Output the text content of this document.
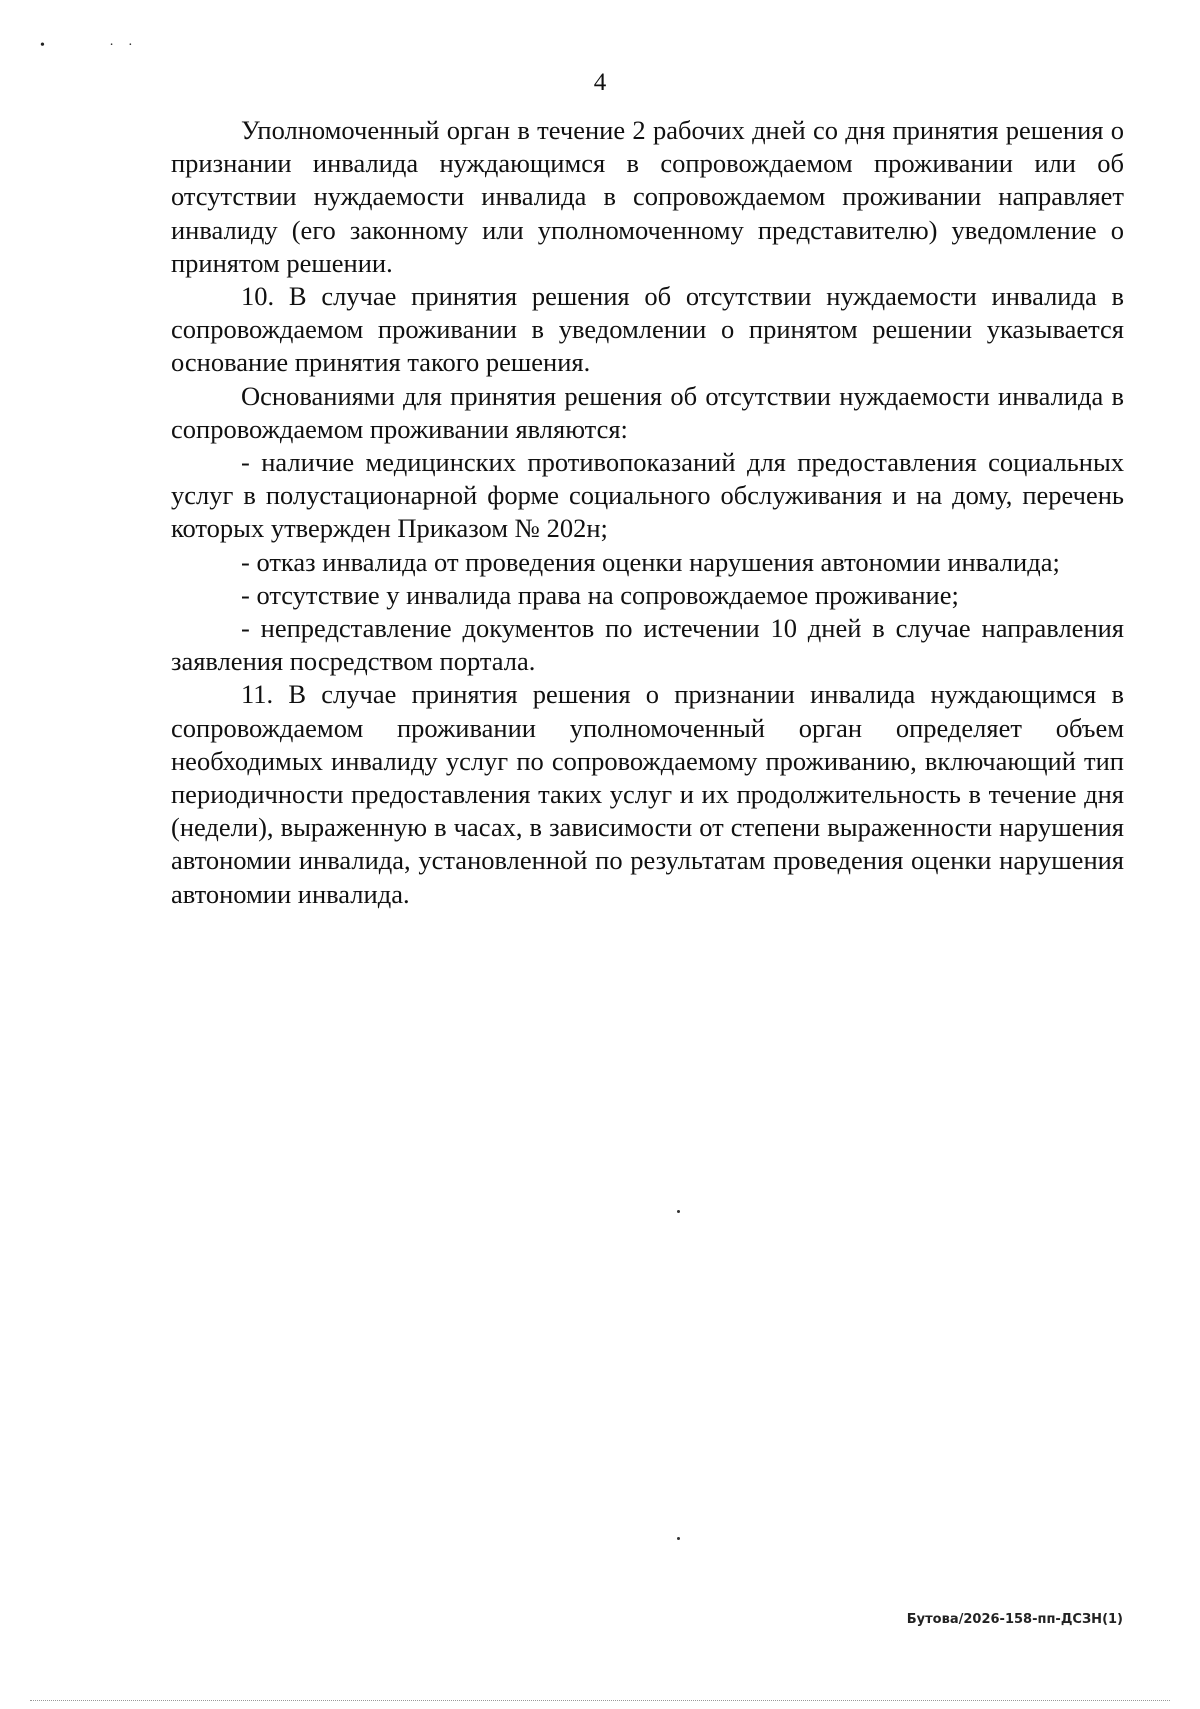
•   ··
4

Уполномоченный орган в течение 2 рабочих дней со дня принятия решения о признании инвалида нуждающимся в сопровождаемом проживании или об отсутствии нуждаемости инвалида в сопровождаемом проживании направляет инвалиду (его законному или уполномоченному представителю) уведомление о принятом решении.

10. В случае принятия решения об отсутствии нуждаемости инвалида в сопровождаемом проживании в уведомлении о принятом решении указывается основание принятия такого решения.

Основаниями для принятия решения об отсутствии нуждаемости инвалида в сопровождаемом проживании являются:

- наличие медицинских противопоказаний для предоставления социальных услуг в полустационарной форме социального обслуживания и на дому, перечень которых утвержден Приказом № 202н;

- отказ инвалида от проведения оценки нарушения автономии инвалида;

- отсутствие у инвалида права на сопровождаемое проживание;

- непредставление документов по истечении 10 дней в случае направления заявления посредством портала.

11. В случае принятия решения о признании инвалида нуждающимся в сопровождаемом проживании уполномоченный орган определяет объем необходимых инвалиду услуг по сопровождаемому проживанию, включающий тип периодичности предоставления таких услуг и их продолжительность в течение дня (недели), выраженную в часах, в зависимости от степени выраженности нарушения автономии инвалида, установленной по результатам проведения оценки нарушения автономии инвалида.

Бутова/2026-158-пп-ДСЗН(1)
